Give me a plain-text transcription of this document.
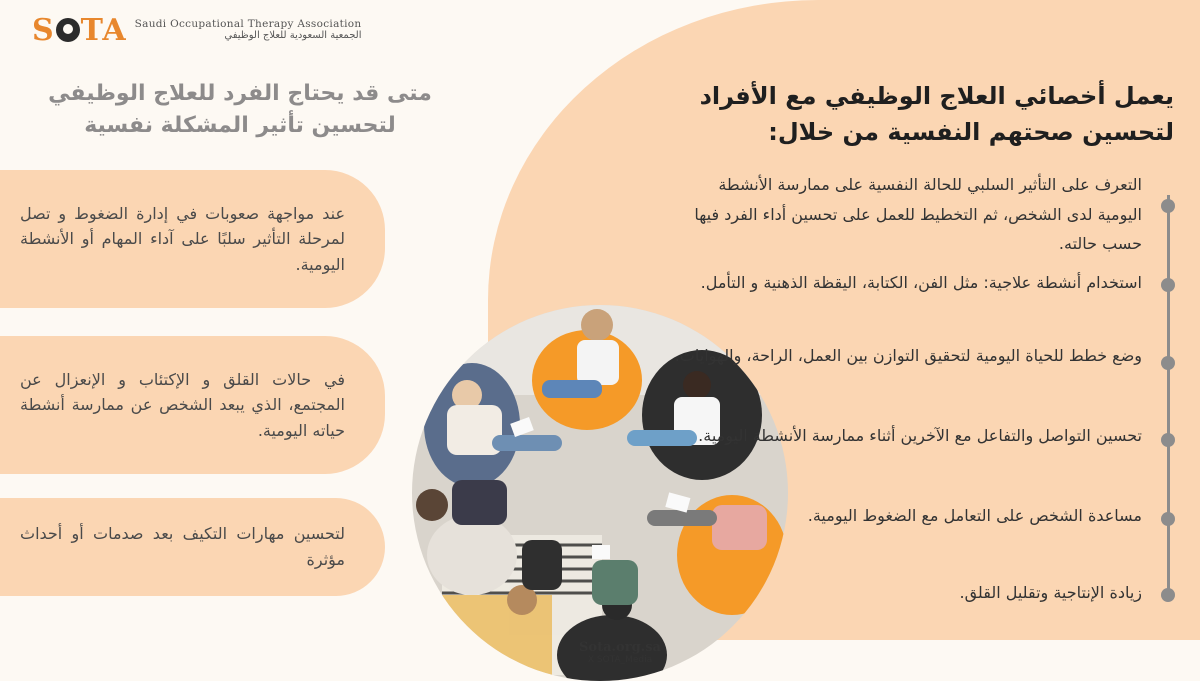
S TA Saudi Occupational Therapy Association
الجمعية السعودية للعلاج الوظيفي
متى قد يحتاج الفرد للعلاج الوظيفي لتحسين تأثير المشكلة نفسية
عند مواجهة صعوبات في إدارة الضغوط و تصل لمرحلة التأثير سلبًا على آداء المهام أو الأنشطة اليومية.
في حالات القلق و الإكتئاب و الإنعزال عن المجتمع، الذي يبعد الشخص عن ممارسة أنشطة حياته اليومية.
لتحسين مهارات التكيف بعد صدمات أو أحداث مؤثرة
يعمل أخصائي العلاج الوظيفي مع الأفراد لتحسين صحتهم النفسية من خلال:
التعرف على التأثير السلبي للحالة النفسية على ممارسة الأنشطة اليومية لدى الشخص، ثم التخطيط للعمل على تحسين أداء الفرد فيها حسب حالته.
استخدام أنشطة علاجية: مثل الفن، الكتابة، اليقظة الذهنية و التأمل.
وضع خطط للحياة اليومية لتحقيق التوازن بين العمل، الراحة، والهوايات.
تحسين التواصل والتفاعل مع الآخرين أثناء ممارسة الأنشطة اليومية.
مساعدة الشخص على التعامل مع الضغوط اليومية.
زيادة الإنتاجية وتقليل القلق.
Sota.org.sa
X SOTA_Media
